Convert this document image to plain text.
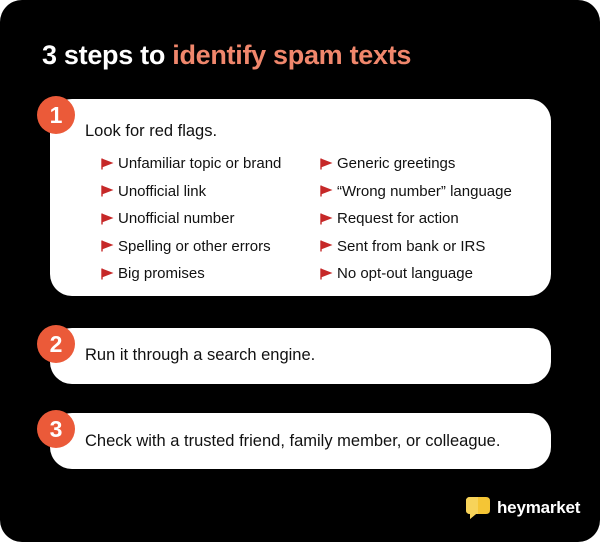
3 steps to identify spam texts
1
Look for red flags.
Unfamiliar topic or brand
Unofficial link
Unofficial number
Spelling or other errors
Big promises
Generic greetings
“Wrong number” language
Request for action
Sent from bank or IRS
No opt-out language
2	Run it through a search engine.
3	Check with a trusted friend, family member, or colleague.
heymarket
